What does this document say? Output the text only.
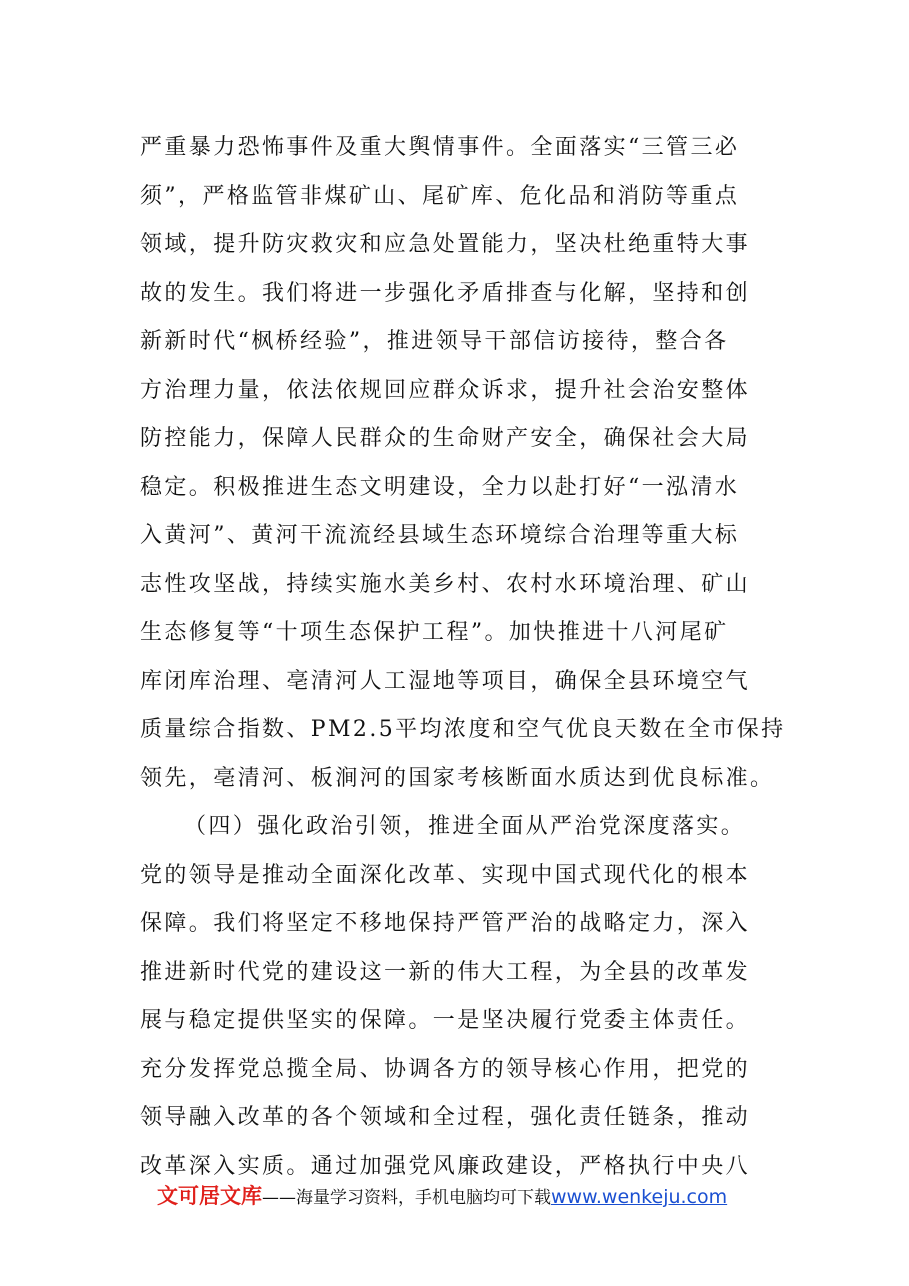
严重暴力恐怖事件及重大舆情事件。全面落实“三管三必
须”，严格监管非煤矿山、尾矿库、危化品和消防等重点
领域，提升防灾救灾和应急处置能力，坚决杜绝重特大事
故的发生。我们将进一步强化矛盾排查与化解，坚持和创
新新时代“枫桥经验”，推进领导干部信访接待，整合各
方治理力量，依法依规回应群众诉求，提升社会治安整体
防控能力，保障人民群众的生命财产安全，确保社会大局
稳定。积极推进生态文明建设，全力以赴打好“一泓清水
入黄河”、黄河干流流经县域生态环境综合治理等重大标
志性攻坚战，持续实施水美乡村、农村水环境治理、矿山
生态修复等“十项生态保护工程”。加快推进十八河尾矿
库闭库治理、亳清河人工湿地等项目，确保全县环境空气
质量综合指数、PM2.5平均浓度和空气优良天数在全市保持
领先，亳清河、板涧河的国家考核断面水质达到优良标准。
（四）强化政治引领，推进全面从严治党深度落实。
党的领导是推动全面深化改革、实现中国式现代化的根本
保障。我们将坚定不移地保持严管严治的战略定力，深入
推进新时代党的建设这一新的伟大工程，为全县的改革发
展与稳定提供坚实的保障。一是坚决履行党委主体责任。
充分发挥党总揽全局、协调各方的领导核心作用，把党的
领导融入改革的各个领域和全过程，强化责任链条，推动
改革深入实质。通过加强党风廉政建设，严格执行中央八
文可居文库——海量学习资料，手机电脑均可下载www.wenkeju.com
